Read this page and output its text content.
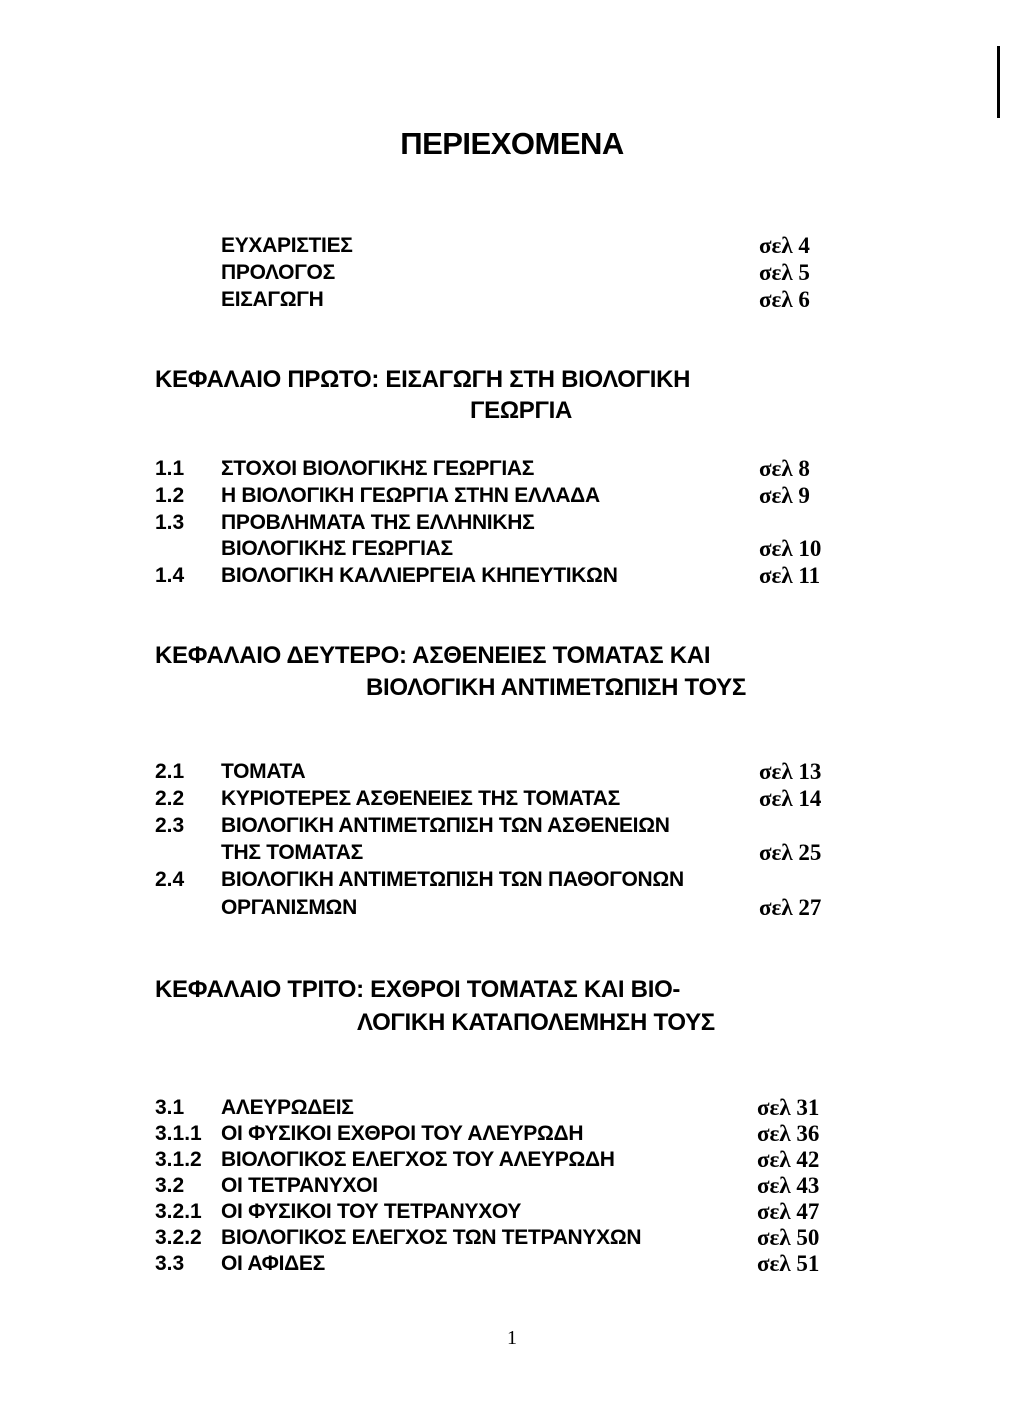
ΠΕΡΙΕΧΟΜΕΝΑ
ΕΥΧΑΡΙΣΤΙΕΣ	σελ 4
ΠΡΟΛΟΓΟΣ	σελ 5
ΕΙΣΑΓΩΓΗ	σελ 6
ΚΕΦΑΛΑΙΟ ΠΡΩΤΟ: ΕΙΣΑΓΩΓΗ ΣΤΗ ΒΙΟΛΟΓΙΚΗ
ΓΕΩΡΓΙΑ
1.1 ΣΤΟΧΟΙ ΒΙΟΛΟΓΙΚΗΣ ΓΕΩΡΓΙΑΣ	σελ 8
1.2 Η ΒΙΟΛΟΓΙΚΗ ΓΕΩΡΓΙΑ ΣΤΗΝ ΕΛΛΑΔΑ	σελ 9
1.3 ΠΡΟΒΛΗΜΑΤΑ ΤΗΣ ΕΛΛΗΝΙΚΗΣ
ΒΙΟΛΟΓΙΚΗΣ ΓΕΩΡΓΙΑΣ	σελ 10
1.4 ΒΙΟΛΟΓΙΚΗ ΚΑΛΛΙΕΡΓΕΙΑ ΚΗΠΕΥΤΙΚΩΝ	σελ 11
ΚΕΦΑΛΑΙΟ ΔΕΥΤΕΡΟ: ΑΣΘΕΝΕΙΕΣ ΤΟΜΑΤΑΣ ΚΑΙ
ΒΙΟΛΟΓΙΚΗ ΑΝΤΙΜΕΤΩΠΙΣΗ ΤΟΥΣ
2.1 ΤΟΜΑΤΑ	σελ 13
2.2 ΚΥΡΙΟΤΕΡΕΣ ΑΣΘΕΝΕΙΕΣ ΤΗΣ ΤΟΜΑΤΑΣ	σελ 14
2.3 ΒΙΟΛΟΓΙΚΗ ΑΝΤΙΜΕΤΩΠΙΣΗ ΤΩΝ ΑΣΘΕΝΕΙΩΝ
ΤΗΣ ΤΟΜΑΤΑΣ	σελ 25
2.4 ΒΙΟΛΟΓΙΚΗ ΑΝΤΙΜΕΤΩΠΙΣΗ ΤΩΝ ΠΑΘΟΓΟΝΩΝ
ΟΡΓΑΝΙΣΜΩΝ	σελ 27
ΚΕΦΑΛΑΙΟ ΤΡΙΤΟ: ΕΧΘΡΟΙ ΤΟΜΑΤΑΣ ΚΑΙ ΒΙΟ-
ΛΟΓΙΚΗ ΚΑΤΑΠΟΛΕΜΗΣΗ ΤΟΥΣ
3.1 ΑΛΕΥΡΩΔΕΙΣ	σελ 31
3.1.1 ΟΙ ΦΥΣΙΚΟΙ ΕΧΘΡΟΙ ΤΟΥ ΑΛΕΥΡΩΔΗ	σελ 36
3.1.2 ΒΙΟΛΟΓΙΚΟΣ ΕΛΕΓΧΟΣ ΤΟΥ ΑΛΕΥΡΩΔΗ	σελ 42
3.2 ΟΙ ΤΕΤΡΑΝΥΧΟΙ	σελ 43
3.2.1 ΟΙ ΦΥΣΙΚΟΙ ΤΟΥ ΤΕΤΡΑΝΥΧΟΥ	σελ 47
3.2.2 ΒΙΟΛΟΓΙΚΟΣ ΕΛΕΓΧΟΣ ΤΩΝ ΤΕΤΡΑΝΥΧΩΝ	σελ 50
3.3 ΟΙ ΑΦΙΔΕΣ	σελ 51
1
